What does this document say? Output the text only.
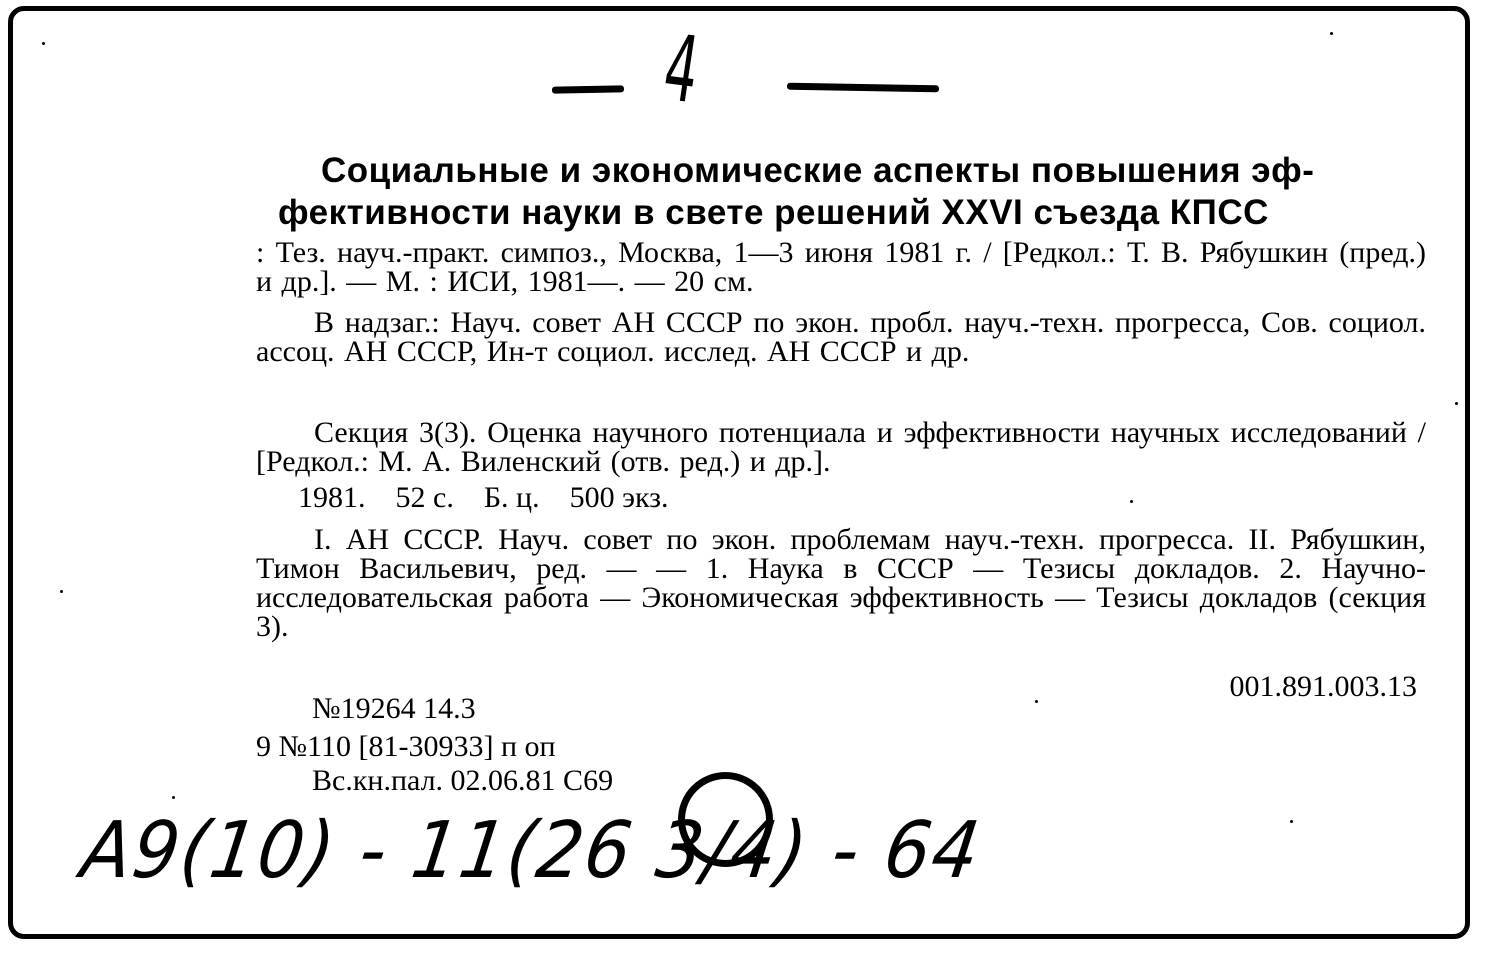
4
Социальные и экономические аспекты повышения эф-
фективности науки в свете решений XXVI съезда КПСС

: Тез. науч.-практ. симпоз., Москва, 1—3 июня 1981 г. / [Редкол.: Т. В. Рябушкин (пред.) и др.]. — М. : ИСИ, 1981—. — 20 см.

В надзаг.: Науч. совет АН СССР по экон. пробл. науч.-техн. прогресса, Сов. социол. ассоц. АН СССР, Ин-т социол. исслед. АН СССР и др.

Секция 3(3). Оценка научного потенциала и эффективности научных исследований / [Редкол.: М. А. Виленский (отв. ред.) и др.].

1981.    52 с.    Б. ц.    500 экз.

I. АН СССР. Науч. совет по экон. проблемам науч.-техн. прогресса. II. Рябушкин, Тимон Васильевич, ред. — — 1. Наука в СССР — Тезисы докладов. 2. Научно-исследовательская работа — Экономическая эффективность — Тезисы докладов (секция 3).

001.891.003.13
№19264 14.3
9 №110 [81-30933] п оп
Вс.кн.пал. 02.06.81 С69
А9(10) - 11(26 3/4) - 64
